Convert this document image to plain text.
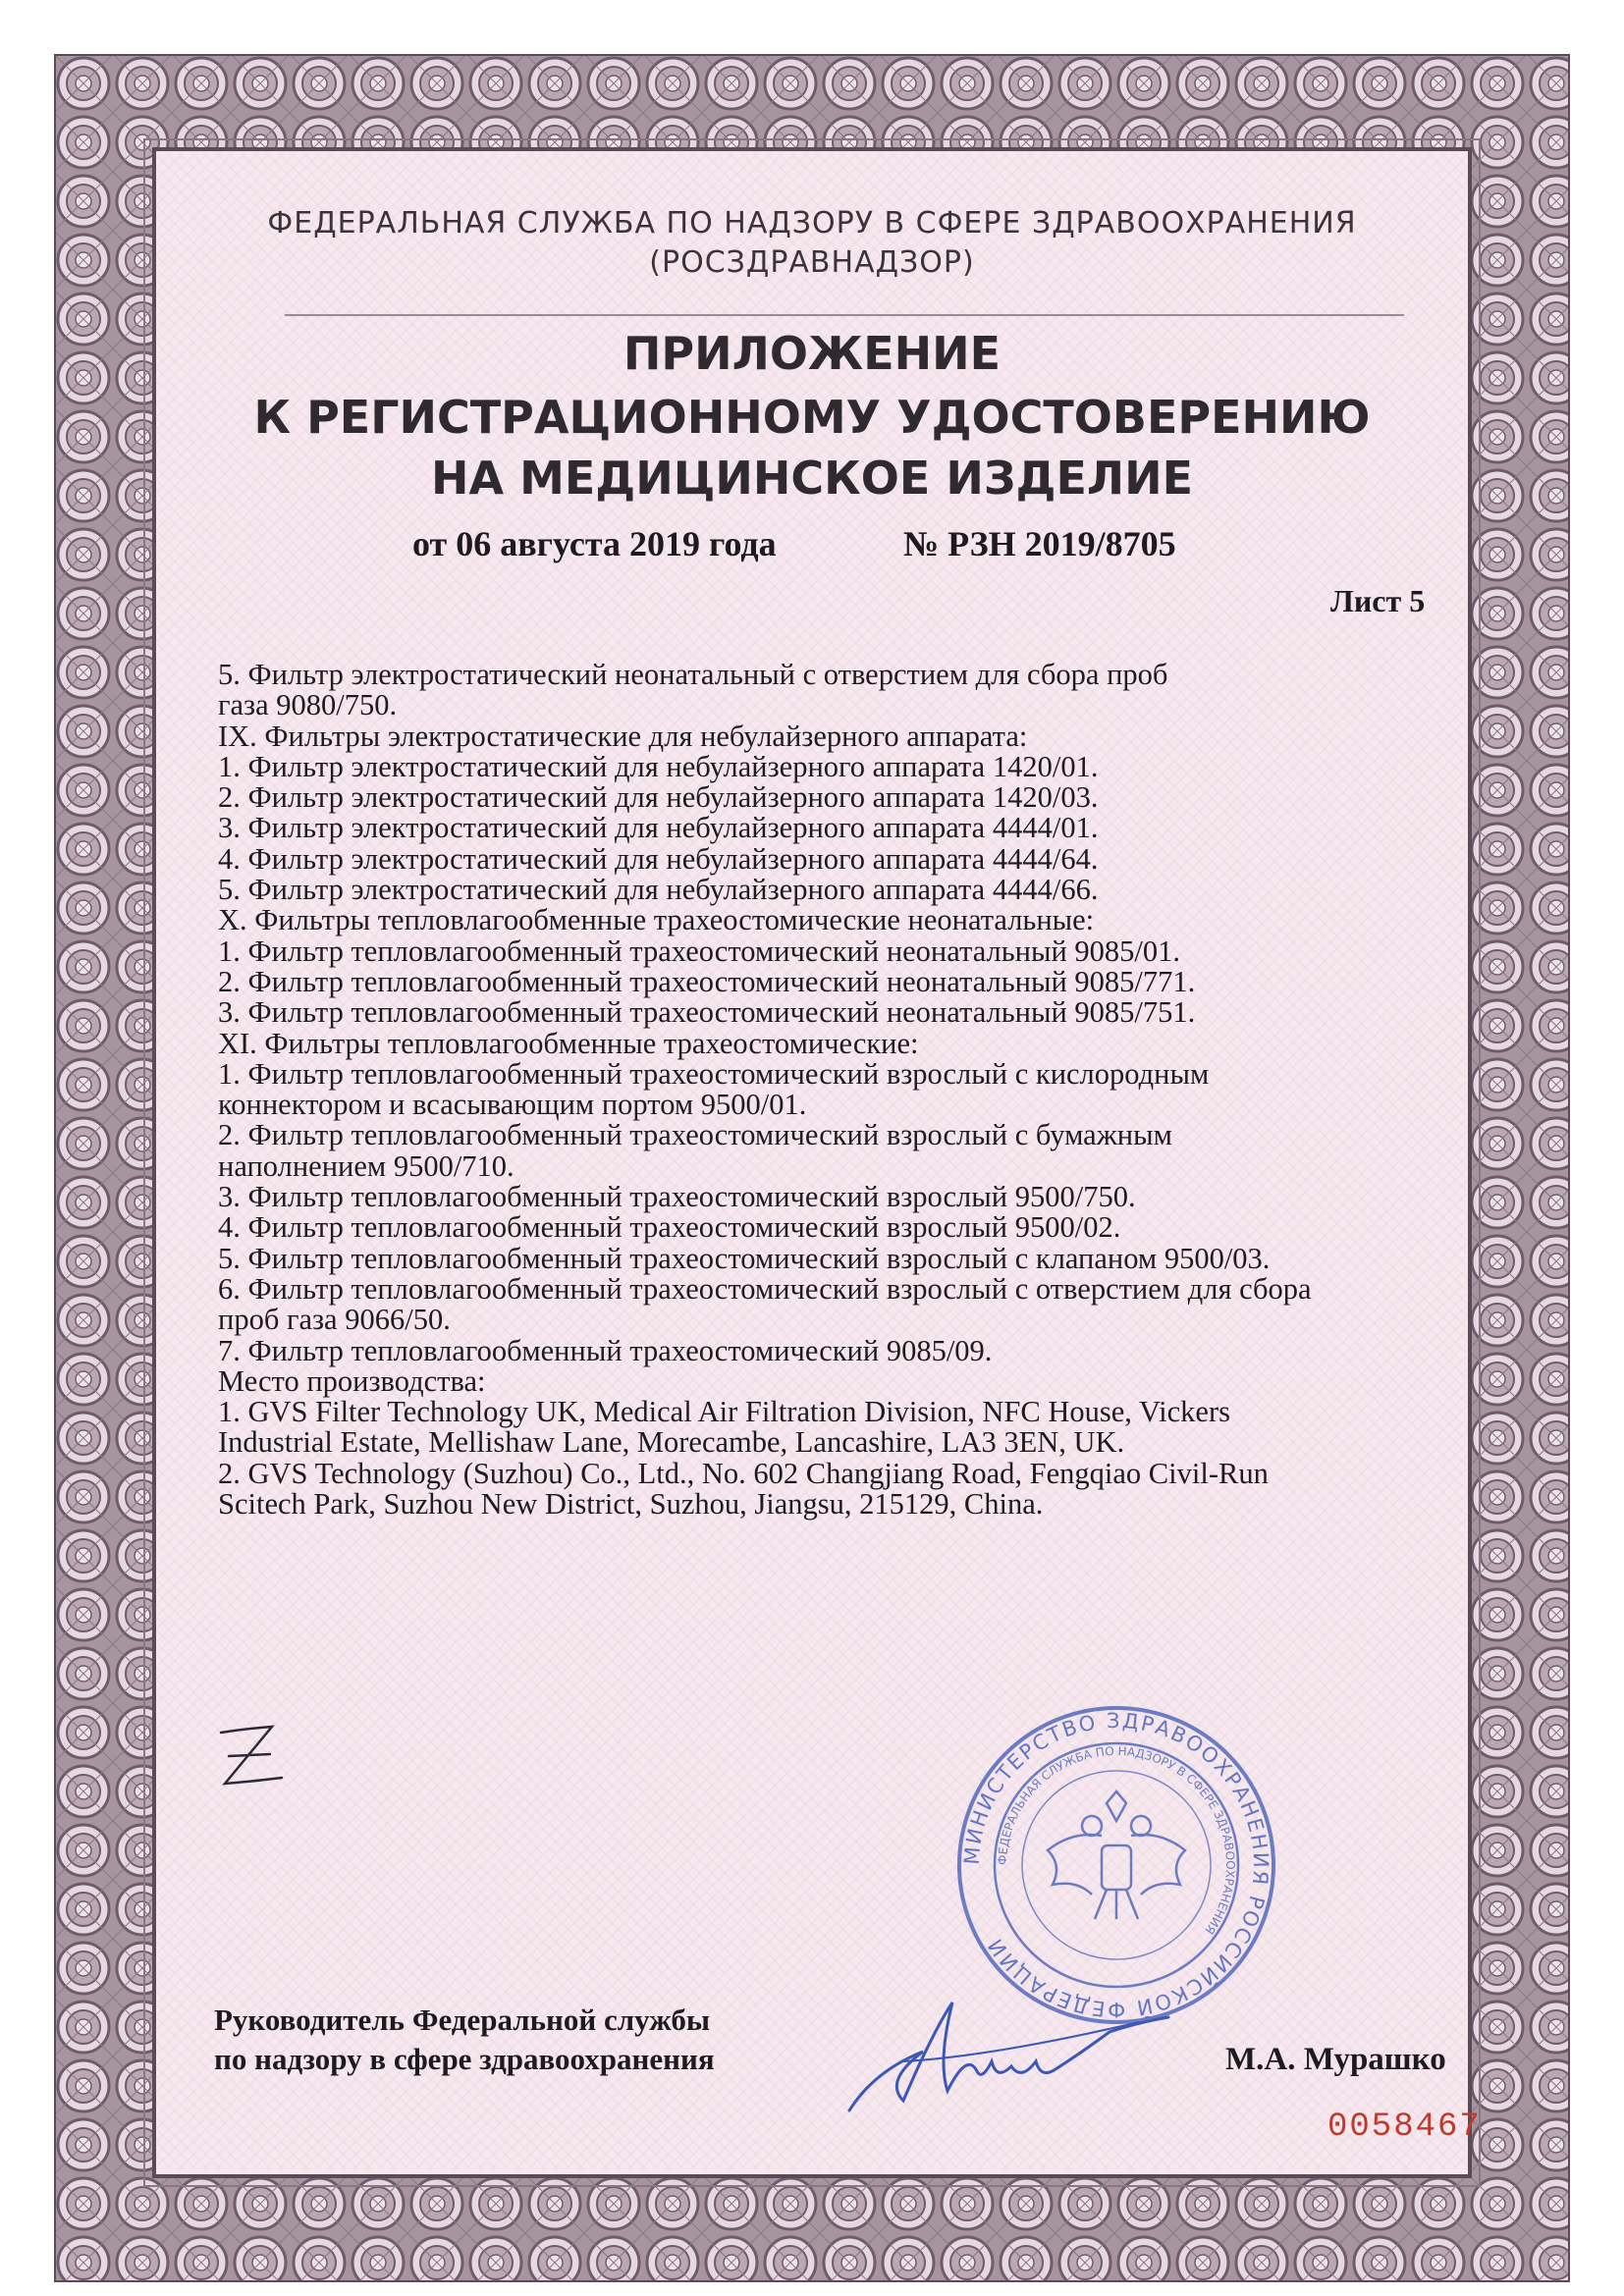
ФЕДЕРАЛЬНАЯ СЛУЖБА ПО НАДЗОРУ В СФЕРЕ ЗДРАВООХРАНЕНИЯ
(РОСЗДРАВНАДЗОР)
ПРИЛОЖЕНИЕ
К РЕГИСТРАЦИОННОМУ УДОСТОВЕРЕНИЮ
НА МЕДИЦИНСКОЕ ИЗДЕЛИЕ
от 06 августа 2019 года	№ РЗН 2019/8705
Лист 5

5. Фильтр электростатический неонатальный с отверстием для сбора проб

газа 9080/750.

IX. Фильтры электростатические для небулайзерного аппарата:

1. Фильтр электростатический для небулайзерного аппарата 1420/01.

2. Фильтр электростатический для небулайзерного аппарата 1420/03.

3. Фильтр электростатический для небулайзерного аппарата 4444/01.

4. Фильтр электростатический для небулайзерного аппарата 4444/64.

5. Фильтр электростатический для небулайзерного аппарата 4444/66.

X. Фильтры тепловлагообменные трахеостомические неонатальные:

1. Фильтр тепловлагообменный трахеостомический неонатальный 9085/01.

2. Фильтр тепловлагообменный трахеостомический неонатальный 9085/771.

3. Фильтр тепловлагообменный трахеостомический неонатальный 9085/751.

XI. Фильтры тепловлагообменные трахеостомические:

1. Фильтр тепловлагообменный трахеостомический взрослый с кислородным

коннектором и всасывающим портом 9500/01.

2. Фильтр тепловлагообменный трахеостомический взрослый с бумажным

наполнением 9500/710.

3. Фильтр тепловлагообменный трахеостомический взрослый 9500/750.

4. Фильтр тепловлагообменный трахеостомический взрослый 9500/02.

5. Фильтр тепловлагообменный трахеостомический взрослый с клапаном 9500/03.

6. Фильтр тепловлагообменный трахеостомический взрослый с отверстием для сбора

проб газа 9066/50.

7. Фильтр тепловлагообменный трахеостомический 9085/09.

Место производства:

1. GVS Filter Technology UK, Medical Air Filtration Division, NFC House, Vickers

Industrial Estate, Mellishaw Lane, Morecambe, Lancashire, LA3 3EN, UK.

2. GVS Technology (Suzhou) Co., Ltd., No. 602 Changjiang Road, Fengqiao Civil-Run

Scitech Park, Suzhou New District, Suzhou, Jiangsu, 215129, China.

МИНИСТЕРСТВО ЗДРАВООХРАНЕНИЯ РОССИЙСКОЙ ФЕДЕРАЦИИ
ФЕДЕРАЛЬНАЯ СЛУЖБА ПО НАДЗОРУ В СФЕРЕ ЗДРАВООХРАНЕНИЯ
Руководитель Федеральной службы
по надзору в сфере здравоохранения	М.А. Мурашко
0058467
